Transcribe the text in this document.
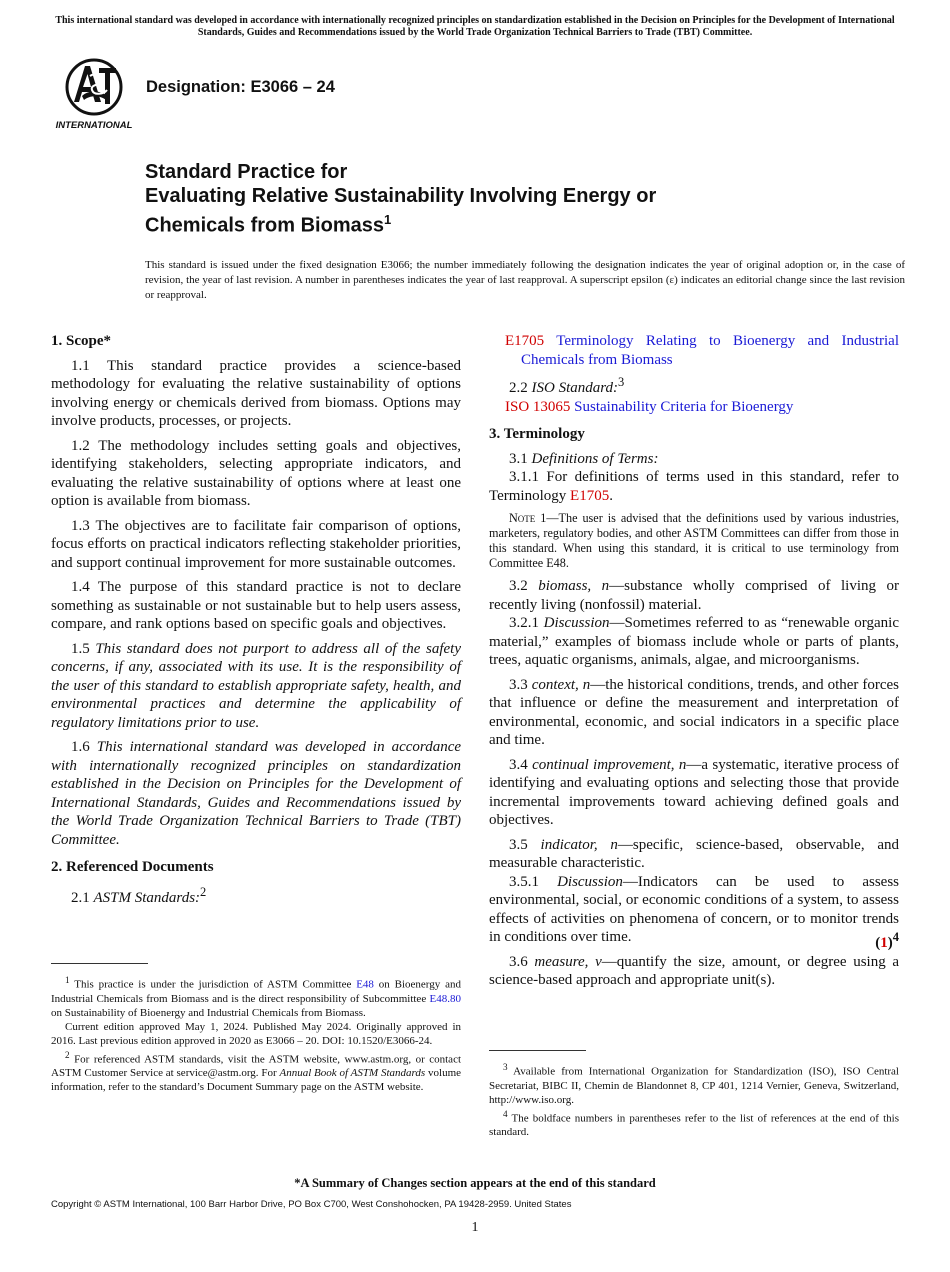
This international standard was developed in accordance with internationally recognized principles on standardization established in the Decision on Principles for the Development of International Standards, Guides and Recommendations issued by the World Trade Organization Technical Barriers to Trade (TBT) Committee.
INTERNATIONAL
Designation: E3066 – 24
Standard Practice for
Evaluating Relative Sustainability Involving Energy or
Chemicals from Biomass$^1$
This standard is issued under the fixed designation E3066; the number immediately following the designation indicates the year of original adoption or, in the case of revision, the year of last revision. A number in parentheses indicates the year of last reapproval. A superscript epsilon (ε) indicates an editorial change since the last revision or reapproval.

1. Scope*

1.1 This standard practice provides a science-based methodology for evaluating the relative sustainability of options involving energy or chemicals derived from biomass. Options may involve products, processes, or projects.

1.2 The methodology includes setting goals and objectives, identifying stakeholders, selecting appropriate indicators, and evaluating the relative sustainability of options where at least one option is available from biomass.

1.3 The objectives are to facilitate fair comparison of options, focus efforts on practical indicators reflecting stakeholder priorities, and support continual improvement for more sustainable outcomes.

1.4 The purpose of this standard practice is not to declare something as sustainable or not sustainable but to help users assess, compare, and rank options based on specific goals and objectives.

1.5 This standard does not purport to address all of the safety concerns, if any, associated with its use. It is the responsibility of the user of this standard to establish appropriate safety, health, and environmental practices and determine the applicability of regulatory limitations prior to use.

1.6 This international standard was developed in accordance with internationally recognized principles on standardization established in the Decision on Principles for the Development of International Standards, Guides and Recommendations issued by the World Trade Organization Technical Barriers to Trade (TBT) Committee.

2. Referenced Documents

2.1 ASTM Standards:$^2$

E1705 Terminology Relating to Bioenergy and Industrial Chemicals from Biomass

2.2 ISO Standard:$^3$

ISO 13065 Sustainability Criteria for Bioenergy

3. Terminology

3.1 Definitions of Terms:

3.1.1 For definitions of terms used in this standard, refer to Terminology E1705.

Note 1—The user is advised that the definitions used by various industries, marketers, regulatory bodies, and other ASTM Committees can differ from those in this standard. When using this standard, it is critical to use terminology from Committee E48.

3.2 biomass, n—substance wholly comprised of living or recently living (nonfossil) material.

3.2.1 Discussion—Sometimes referred to as “renewable organic material,” examples of biomass include whole or parts of plants, trees, aquatic organisms, animals, algae, and microorganisms.

3.3 context, n—the historical conditions, trends, and other forces that influence or define the measurement and interpretation of environmental, economic, and social indicators in a specific place and time.

3.4 continual improvement, n—a systematic, iterative process of identifying and evaluating options and selecting those that provide incremental improvements toward achieving defined goals and objectives.

3.5 indicator, n—specific, science-based, observable, and measurable characteristic.

3.5.1 Discussion—Indicators can be used to assess environmental, social, or economic conditions of a system, to assess effects of activities on phenomena of concern, or to monitor trends in conditions over time.	$(1)^4$

3.6 measure, v—quantify the size, amount, or degree using a science-based approach and appropriate unit(s).

$^1$ This practice is under the jurisdiction of ASTM Committee E48 on Bioenergy and Industrial Chemicals from Biomass and is the direct responsibility of Subcommittee E48.80 on Sustainability of Bioenergy and Industrial Chemicals from Biomass.

Current edition approved May 1, 2024. Published May 2024. Originally approved in 2016. Last previous edition approved in 2020 as E3066 – 20. DOI: 10.1520/E3066-24.

$^2$ For referenced ASTM standards, visit the ASTM website, www.astm.org, or contact ASTM Customer Service at service@astm.org. For Annual Book of ASTM Standards volume information, refer to the standard’s Document Summary page on the ASTM website.

$^3$ Available from International Organization for Standardization (ISO), ISO Central Secretariat, BIBC II, Chemin de Blandonnet 8, CP 401, 1214 Vernier, Geneva, Switzerland, http://www.iso.org.

$^4$ The boldface numbers in parentheses refer to the list of references at the end of this standard.

*A Summary of Changes section appears at the end of this standard
Copyright © ASTM International, 100 Barr Harbor Drive, PO Box C700, West Conshohocken, PA 19428-2959. United States
1
